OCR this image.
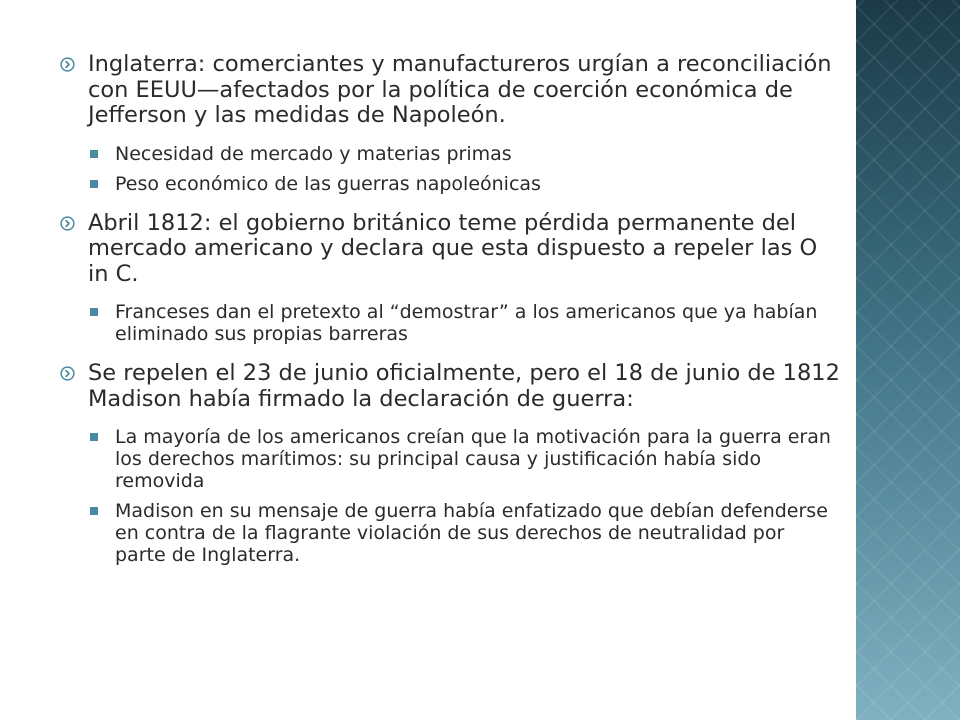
Inglaterra: comerciantes y manufactureros urgían a reconciliación con EEUU—afectados por la política de coerción económica de Jefferson y las medidas de Napoleón.
Necesidad de mercado y materias primas
Peso económico de las guerras napoleónicas
Abril 1812: el gobierno británico teme pérdida permanente del mercado americano y declara que esta dispuesto a repeler las O in C.
Franceses dan el pretexto al “demostrar” a los americanos que ya habían eliminado sus propias barreras
Se repelen el 23 de junio oficialmente, pero el 18 de junio de 1812 Madison había firmado la declaración de guerra:
La mayoría de los americanos creían que la motivación para la guerra eran los derechos marítimos: su principal causa y justificación había sido removida
Madison en su mensaje de guerra había enfatizado que debían defenderse en contra de la flagrante violación de sus derechos de neutralidad por parte de Inglaterra.
